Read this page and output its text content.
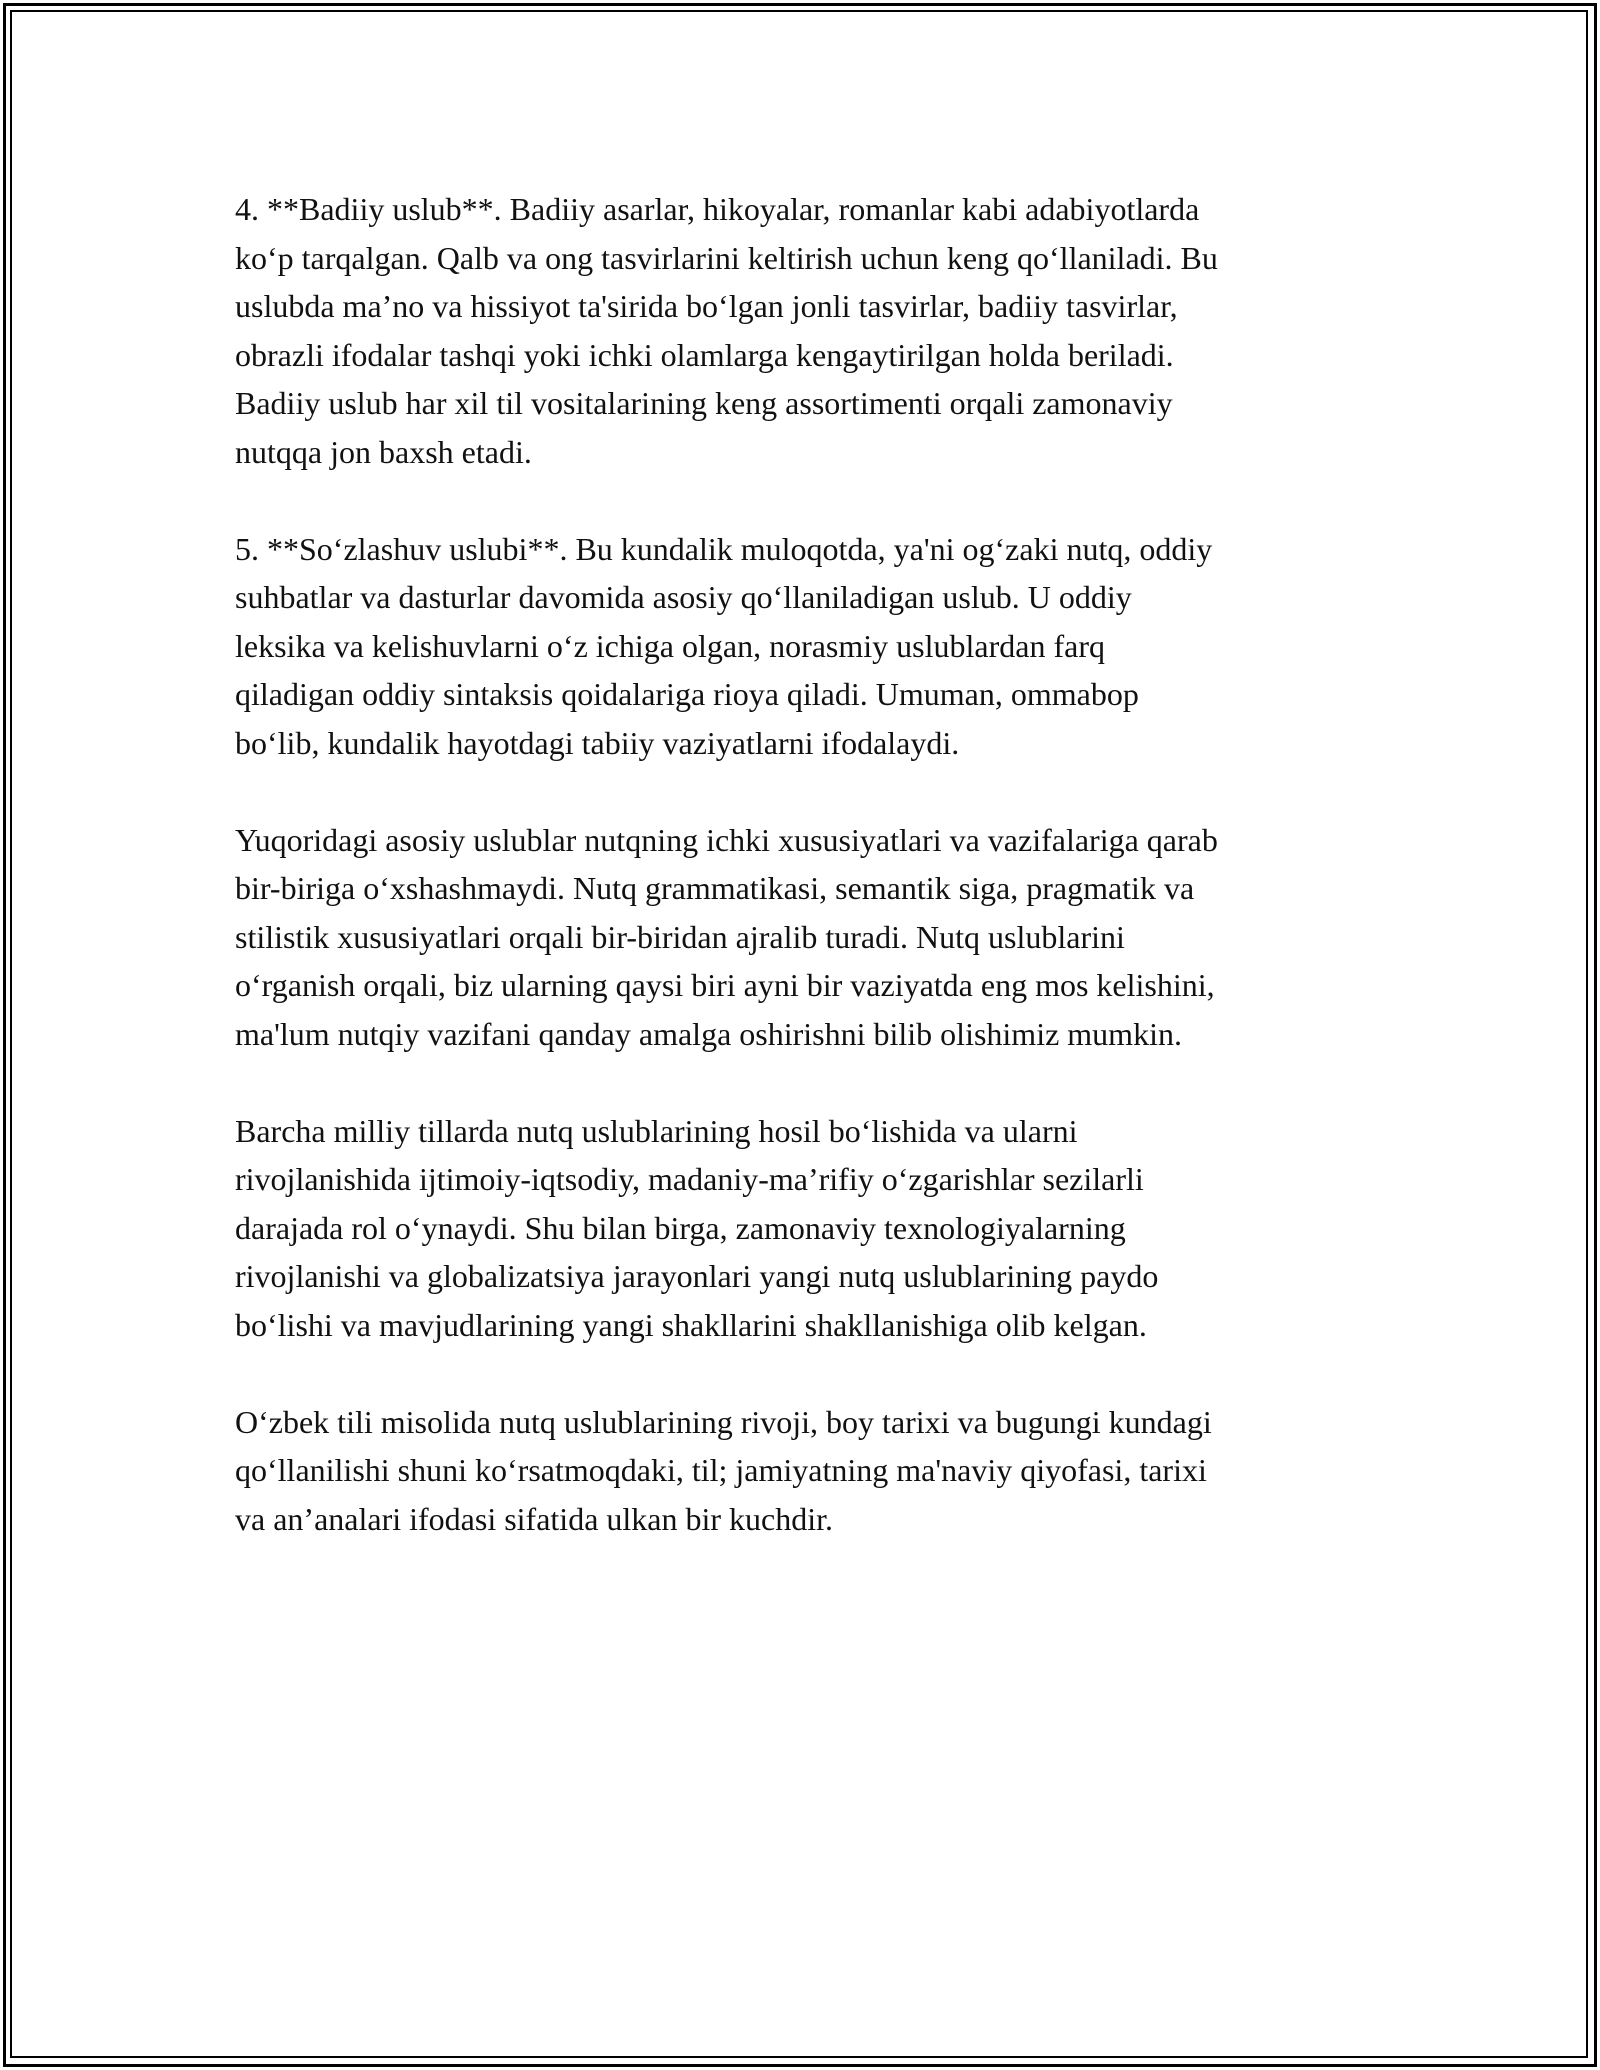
4. **Badiiy uslub**. Badiiy asarlar, hikoyalar, romanlar kabi adabiyotlarda
ko‘p tarqalgan. Qalb va ong tasvirlarini keltirish uchun keng qo‘llaniladi. Bu
uslubda ma’no va hissiyot ta'sirida bo‘lgan jonli tasvirlar, badiiy tasvirlar,
obrazli ifodalar tashqi yoki ichki olamlarga kengaytirilgan holda beriladi.
Badiiy uslub har xil til vositalarining keng assortimenti orqali zamonaviy
nutqqa jon baxsh etadi.

5. **So‘zlashuv uslubi**. Bu kundalik muloqotda, ya'ni og‘zaki nutq, oddiy
suhbatlar va dasturlar davomida asosiy qo‘llaniladigan uslub. U oddiy
leksika va kelishuvlarni o‘z ichiga olgan, norasmiy uslublardan farq
qiladigan oddiy sintaksis qoidalariga rioya qiladi. Umuman, ommabop
bo‘lib, kundalik hayotdagi tabiiy vaziyatlarni ifodalaydi.

Yuqoridagi asosiy uslublar nutqning ichki xususiyatlari va vazifalariga qarab
bir-biriga o‘xshashmaydi. Nutq grammatikasi, semantik siga, pragmatik va
stilistik xususiyatlari orqali bir-biridan ajralib turadi. Nutq uslublarini
o‘rganish orqali, biz ularning qaysi biri ayni bir vaziyatda eng mos kelishini,
ma'lum nutqiy vazifani qanday amalga oshirishni bilib olishimiz mumkin.

Barcha milliy tillarda nutq uslublarining hosil bo‘lishida va ularni
rivojlanishida ijtimoiy-iqtsodiy, madaniy-ma’rifiy o‘zgarishlar sezilarli
darajada rol o‘ynaydi. Shu bilan birga, zamonaviy texnologiyalarning
rivojlanishi va globalizatsiya jarayonlari yangi nutq uslublarining paydo
bo‘lishi va mavjudlarining yangi shakllarini shakllanishiga olib kelgan.

O‘zbek tili misolida nutq uslublarining rivoji, boy tarixi va bugungi kundagi
qo‘llanilishi shuni ko‘rsatmoqdaki, til; jamiyatning ma'naviy qiyofasi, tarixi
va an’analari ifodasi sifatida ulkan bir kuchdir.
